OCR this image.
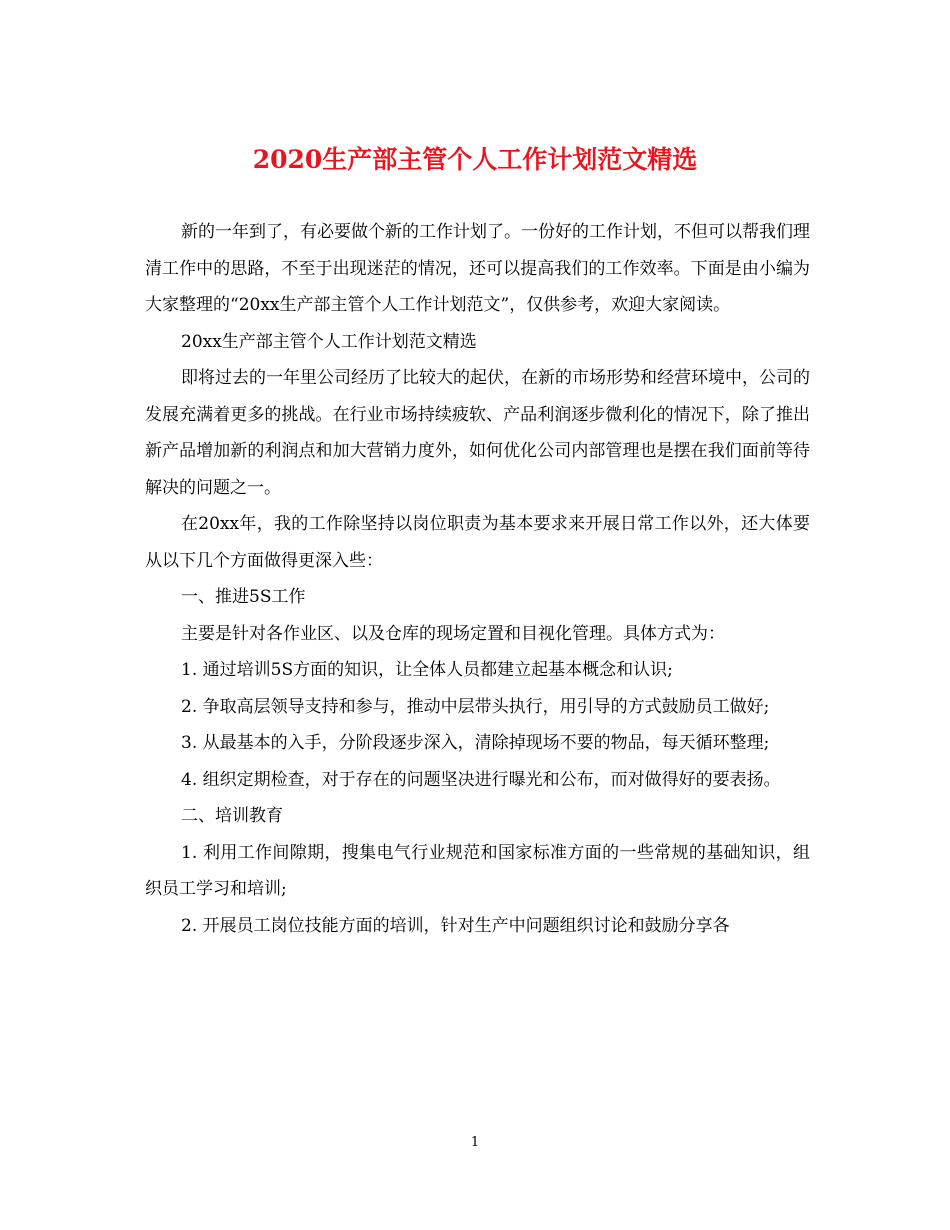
2020生产部主管个人工作计划范文精选

新的一年到了，有必要做个新的工作计划了。一份好的工作计划，不但可以帮我们理清工作中的思路，不至于出现迷茫的情况，还可以提高我们的工作效率。下面是由小编为大家整理的“20xx生产部主管个人工作计划范文”，仅供参考，欢迎大家阅读。

20xx生产部主管个人工作计划范文精选

即将过去的一年里公司经历了比较大的起伏，在新的市场形势和经营环境中，公司的发展充满着更多的挑战。在行业市场持续疲软、产品利润逐步微利化的情况下，除了推出新产品增加新的利润点和加大营销力度外，如何优化公司内部管理也是摆在我们面前等待解决的问题之一。

在20xx年，我的工作除坚持以岗位职责为基本要求来开展日常工作以外，还大体要从以下几个方面做得更深入些：

一、推进5S工作

主要是针对各作业区、以及仓库的现场定置和目视化管理。具体方式为：

1. 通过培训5S方面的知识，让全体人员都建立起基本概念和认识;

2. 争取高层领导支持和参与，推动中层带头执行，用引导的方式鼓励员工做好;

3. 从最基本的入手，分阶段逐步深入，清除掉现场不要的物品，每天循环整理;

4. 组织定期检查，对于存在的问题坚决进行曝光和公布，而对做得好的要表扬。

二、培训教育

1. 利用工作间隙期，搜集电气行业规范和国家标准方面的一些常规的基础知识，组织员工学习和培训;

2. 开展员工岗位技能方面的培训，针对生产中问题组织讨论和鼓励分享各

1
